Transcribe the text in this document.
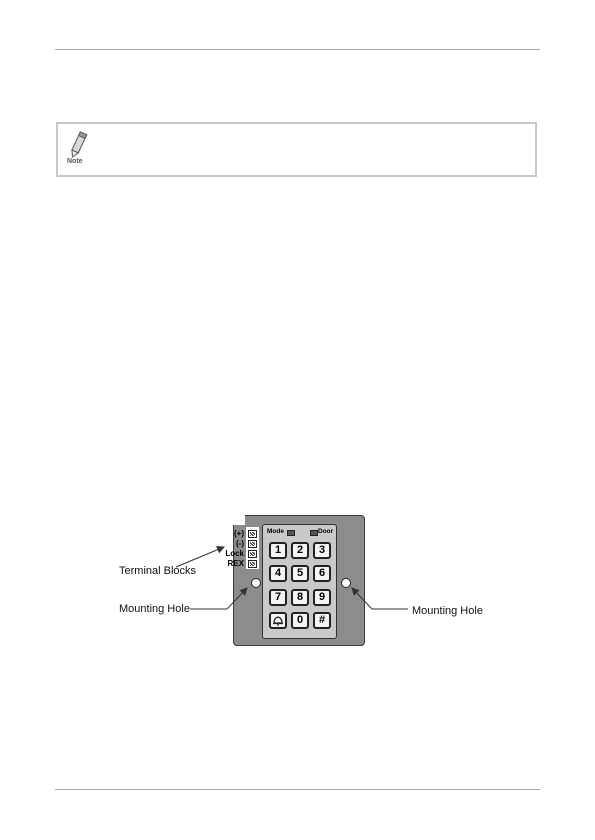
Note
(+)
(-)
Lock
REX
Mode	Door
1	2	3
4	5	6
7	8	9
0	#
Terminal Blocks
Mounting Hole	Mounting Hole
